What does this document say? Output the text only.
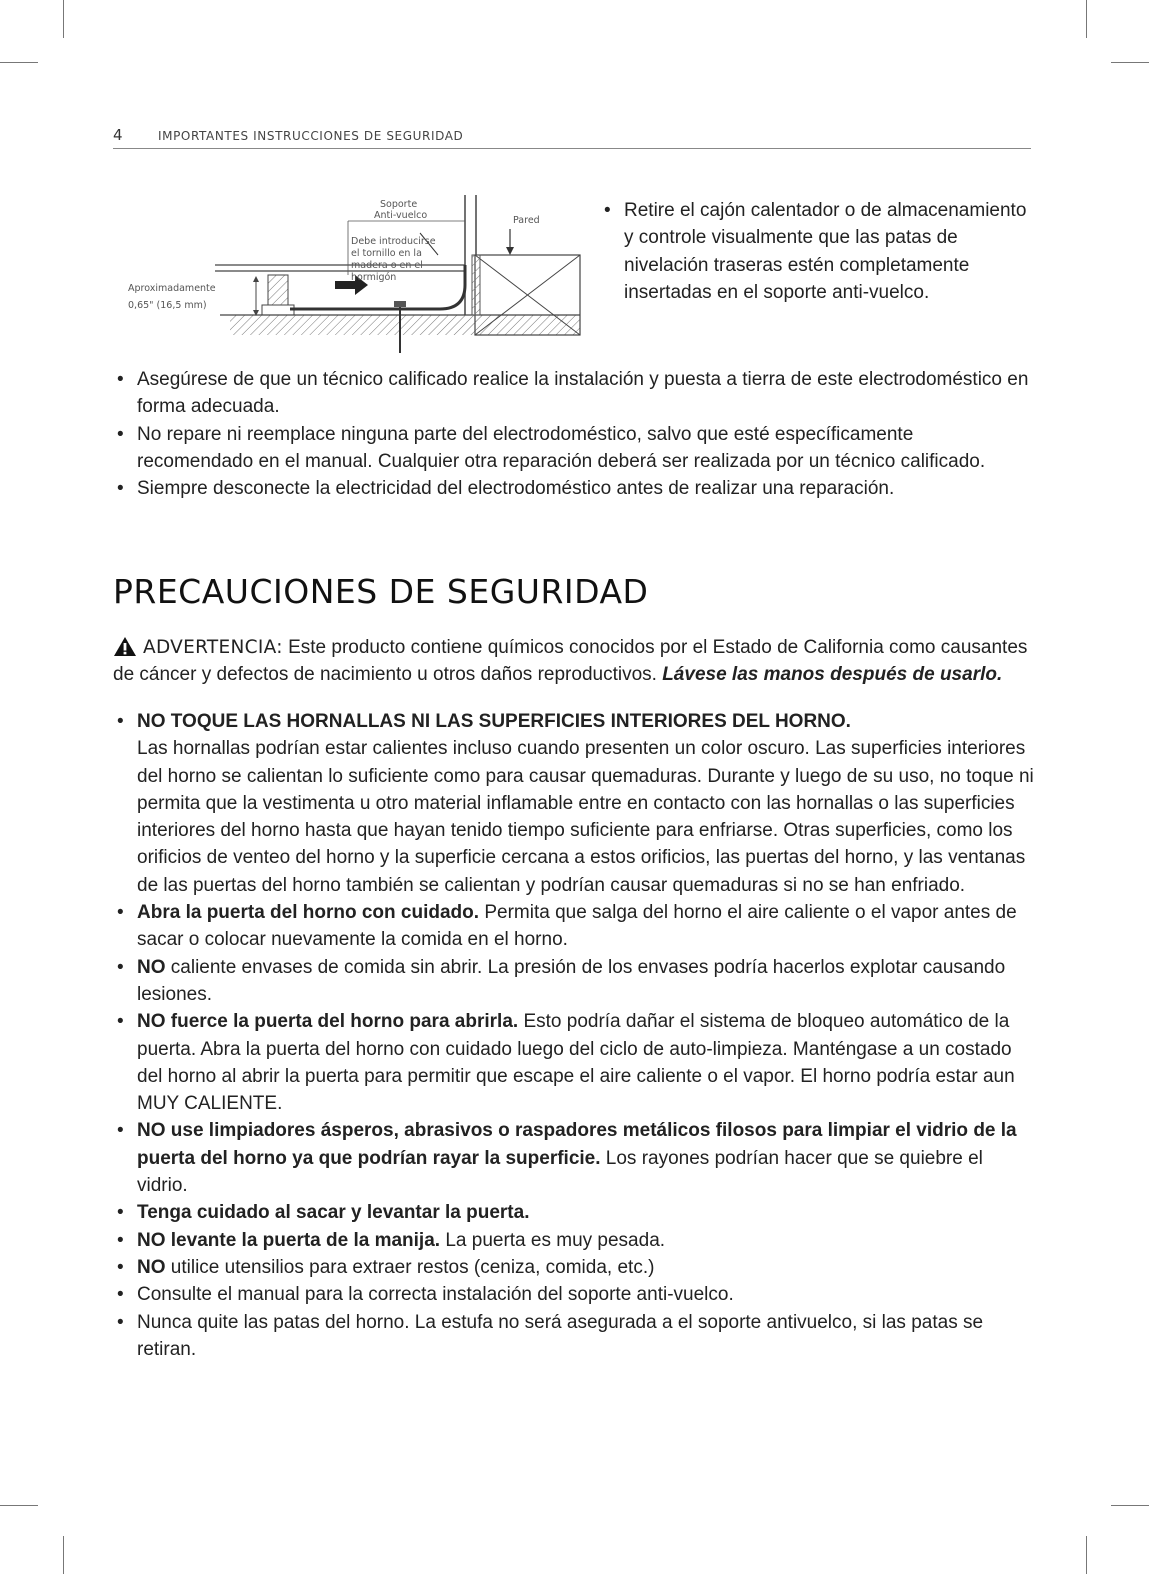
4	IMPORTANTES INSTRUCCIONES DE SEGURIDAD
Soporte
Anti-vuelco	Pared
Debe introducirse
el tornillo en la
madera o en el
hormigón
Aproximadamente
0,65" (16,5 mm)
• Retire el cajón calentador o de almacenamiento y controle visualmente que las patas de nivelación traseras estén completamente insertadas en el soporte anti-vuelco.
• Asegúrese de que un técnico calificado realice la instalación y puesta a tierra de este electrodoméstico en forma adecuada.
• No repare ni reemplace ninguna parte del electrodoméstico, salvo que esté específicamente recomendado en el manual. Cualquier otra reparación deberá ser realizada por un técnico calificado.
• Siempre desconecte la electricidad del electrodoméstico antes de realizar una reparación.
PRECAUCIONES DE SEGURIDAD
ADVERTENCIA: Este producto contiene químicos conocidos por el Estado de California como causantes de cáncer y defectos de nacimiento u otros daños reproductivos. Lávese las manos después de usarlo.
• NO TOQUE LAS HORNALLAS NI LAS SUPERFICIES INTERIORES DEL HORNO.
Las hornallas podrían estar calientes incluso cuando presenten un color oscuro. Las superficies interiores del horno se calientan lo suficiente como para causar quemaduras. Durante y luego de su uso, no toque ni permita que la vestimenta u otro material inflamable entre en contacto con las hornallas o las superficies interiores del horno hasta que hayan tenido tiempo suficiente para enfriarse. Otras superficies, como los orificios de venteo del horno y la superficie cercana a estos orificios, las puertas del horno, y las ventanas de las puertas del horno también se calientan y podrían causar quemaduras si no se han enfriado.
• Abra la puerta del horno con cuidado. Permita que salga del horno el aire caliente o el vapor antes de sacar o colocar nuevamente la comida en el horno.
• NO caliente envases de comida sin abrir. La presión de los envases podría hacerlos explotar causando lesiones.
• NO fuerce la puerta del horno para abrirla. Esto podría dañar el sistema de bloqueo automático de la puerta. Abra la puerta del horno con cuidado luego del ciclo de auto-limpieza. Manténgase a un costado del horno al abrir la puerta para permitir que escape el aire caliente o el vapor. El horno podría estar aun MUY CALIENTE.
• NO use limpiadores ásperos, abrasivos o raspadores metálicos filosos para limpiar el vidrio de la puerta del horno ya que podrían rayar la superficie. Los rayones podrían hacer que se quiebre el vidrio.
• Tenga cuidado al sacar y levantar la puerta.
• NO levante la puerta de la manija. La puerta es muy pesada.
• NO utilice utensilios para extraer restos (ceniza, comida, etc.)
• Consulte el manual para la correcta instalación del soporte anti-vuelco.
• Nunca quite las patas del horno. La estufa no será asegurada a el soporte antivuelco, si las patas se retiran.
